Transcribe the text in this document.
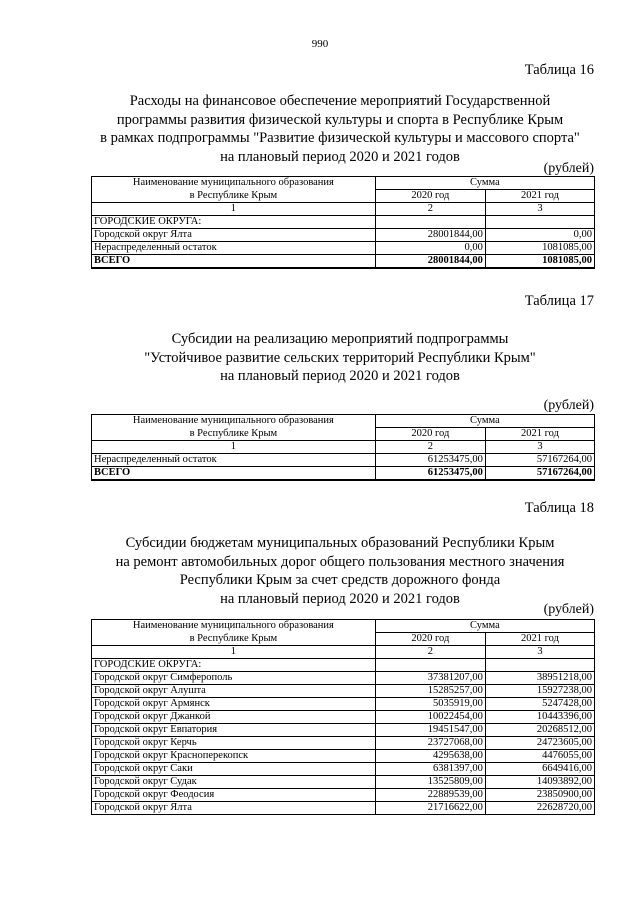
990
Таблица 16
Расходы на финансовое обеспечение мероприятий Государственной
программы развития физической культуры и спорта в Республике Крым
в рамках подпрограммы "Развитие физической культуры и массового спорта"
на плановый период 2020 и 2021 годов
(рублей)
Наименование муниципального образования	Сумма	
в Республике Крым	2020 год	2021 год
1	2	3
ГОРОДСКИЕ ОКРУГА:		
Городской округ Ялта	28001844,00	0,00
Нераспределенный остаток	0,00	1081085,00
ВСЕГО	28001844,00	1081085,00
Таблица 17
Субсидии на реализацию мероприятий подпрограммы
"Устойчивое развитие сельских территорий Республики Крым"
на плановый период 2020 и 2021 годов
(рублей)
Наименование муниципального образования	Сумма	
в Республике Крым	2020 год	2021 год
1	2	3
Нераспределенный остаток	61253475,00	57167264,00
ВСЕГО	61253475,00	57167264,00
Таблица 18
Субсидии бюджетам муниципальных образований Республики Крым
на ремонт автомобильных дорог общего пользования местного значения
Республики Крым за счет средств дорожного фонда
на плановый период 2020 и 2021 годов
(рублей)
Наименование муниципального образования	Сумма	
в Республике Крым	2020 год	2021 год
1	2	3
ГОРОДСКИЕ ОКРУГА:		
Городской округ Симферополь	37381207,00	38951218,00
Городской округ Алушта	15285257,00	15927238,00
Городской округ Армянск	5035919,00	5247428,00
Городской округ Джанкой	10022454,00	10443396,00
Городской округ Евпатория	19451547,00	20268512,00
Городской округ Керчь	23727068,00	24723605,00
Городской округ Красноперекопск	4295638,00	4476055,00
Городской округ Саки	6381397,00	6649416,00
Городской округ Судак	13525809,00	14093892,00
Городской округ Феодосия	22889539,00	23850900,00
Городской округ Ялта	21716622,00	22628720,00
